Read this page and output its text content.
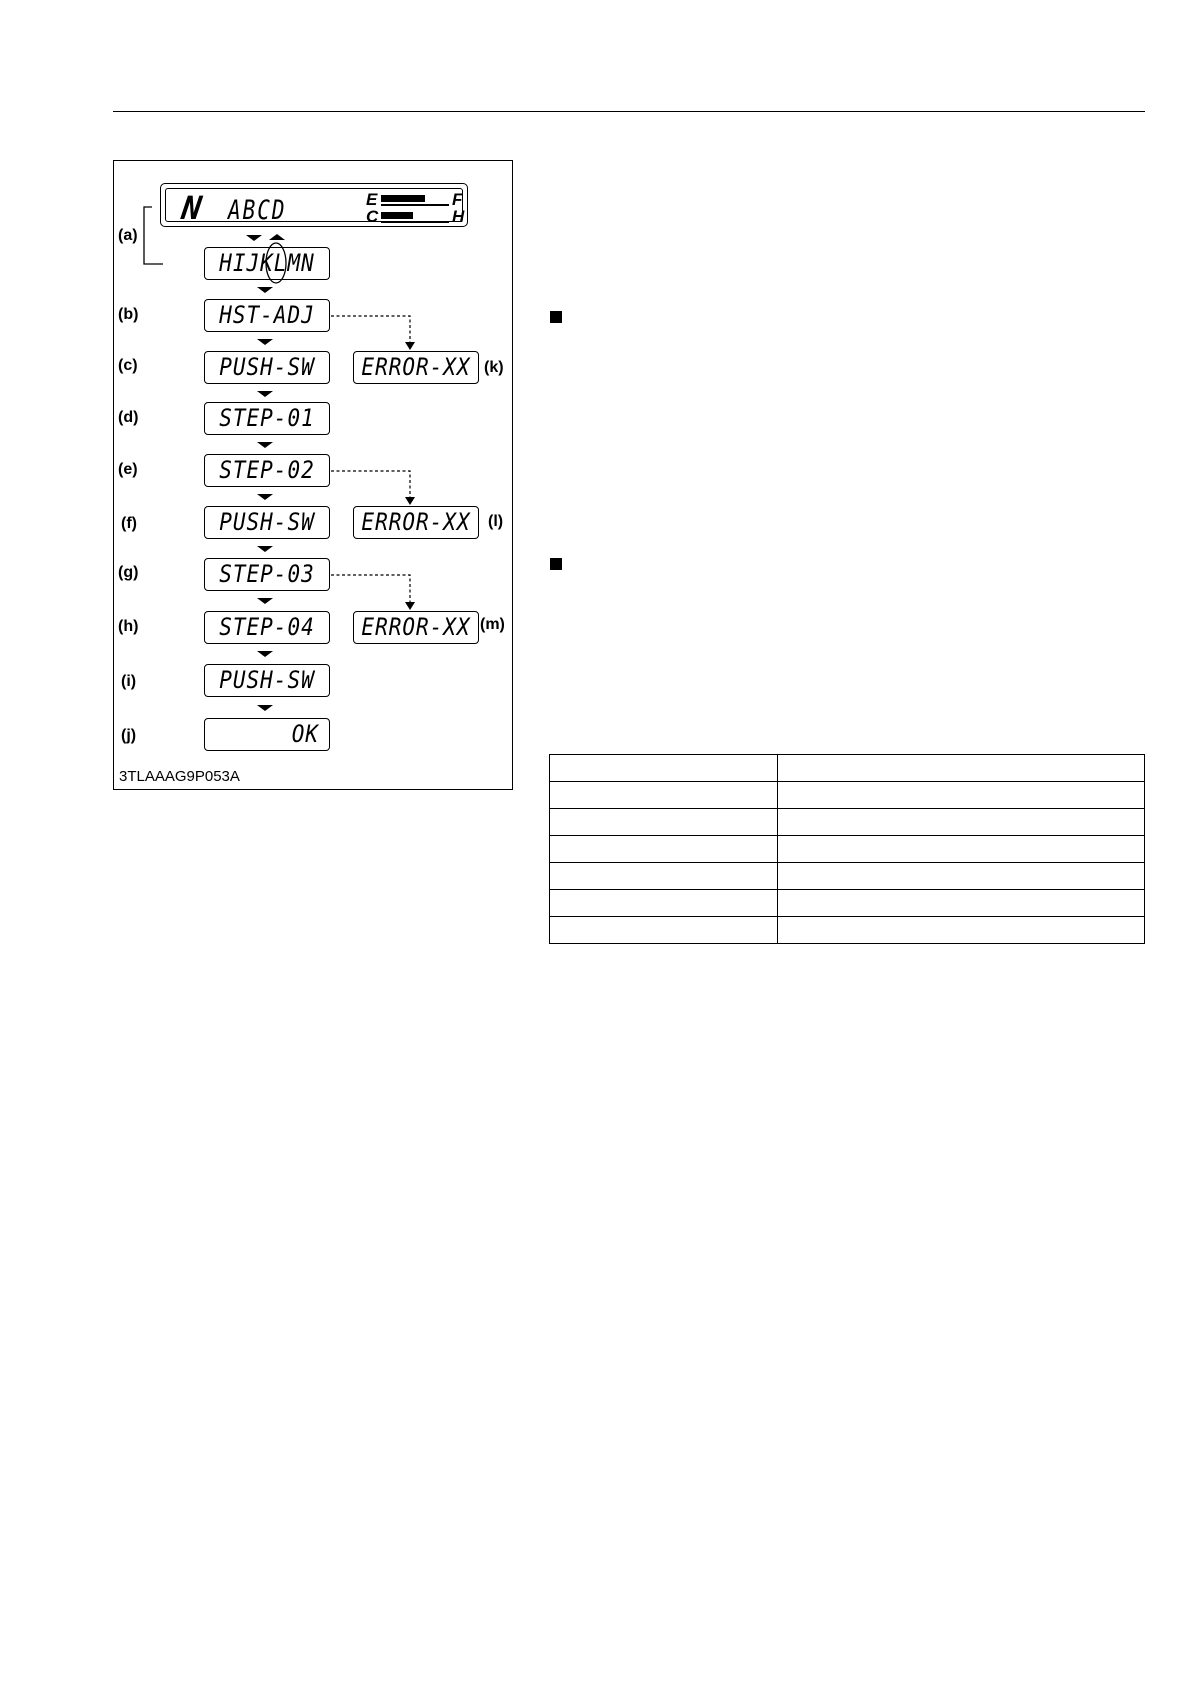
N ABCD	E
C
F
H
(a)
(b)
(c)
(d)
(e)
(f)
(g)
(h)
(i)
(j)
HIJKLMN
HST-ADJ
PUSH-SW
STEP-01
STEP-02
PUSH-SW
STEP-03
STEP-04
PUSH-SW
OK
ERROR-XX
ERROR-XX
ERROR-XX
(k)
(l)
(m)
3TLAAAG9P053A
